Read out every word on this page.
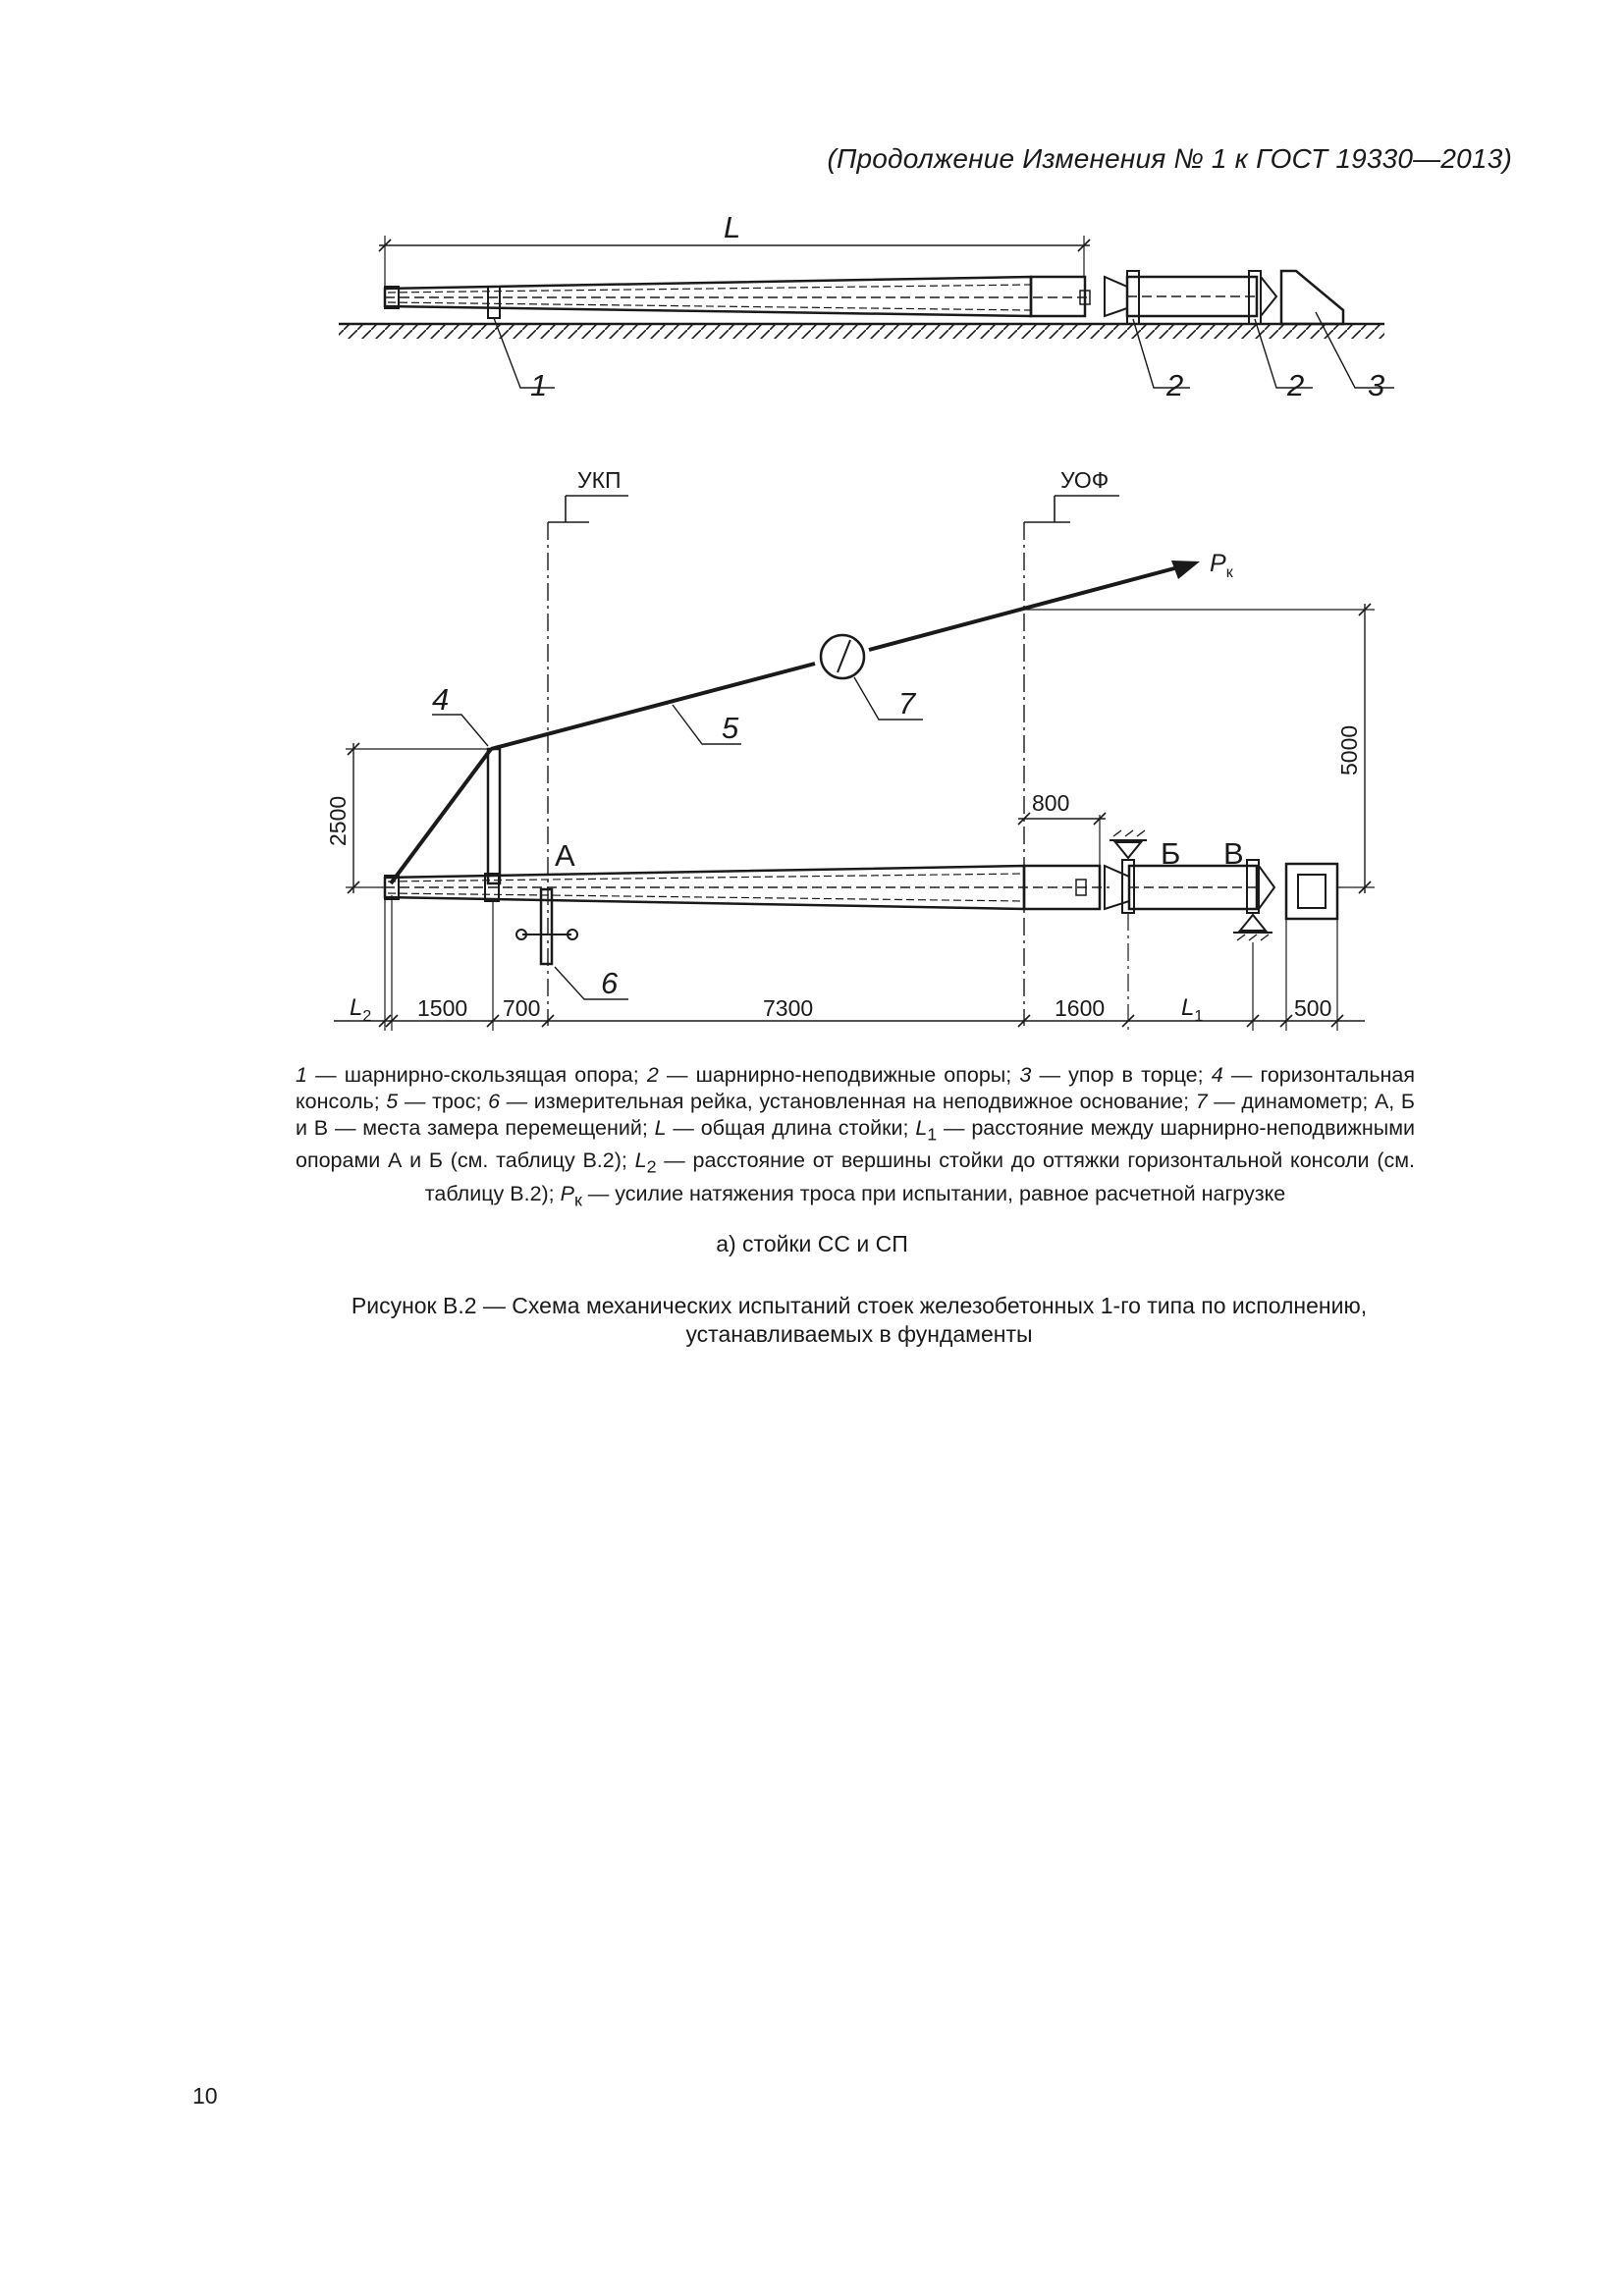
(Продолжение Изменения № 1 к ГОСТ 19330—2013)
L
1	2	2 3
УКП	УОФ
$P_к$
4
5
6
7
А	Б В
2500
5000
800
$L_2$ 1500 700	7300	1600	$L_1$	500
1 — шарнирно-скользящая опора; 2 — шарнирно-неподвижные опоры; 3 — упор в торце; 4 — горизонтальная консоль; 5 — трос; 6 — измерительная рейка, установленная на неподвижное основание; 7 — динамометр; А, Б и В — места замера перемещений; L — общая длина стойки; $L_1$ — расстояние между шарнирно-неподвижными опорами А и Б (см. таблицу В.2); $L_2$ — расстояние от вершины стойки до оттяжки горизонтальной консоли (см. таблицу В.2); $P_к$ — усилие натяжения троса при испытании, равное расчетной нагрузке
а) стойки СС и СП
Рисунок В.2 — Схема механических испытаний стоек железобетонных 1-го типа по исполнению, устанавливаемых в фундаменты
10
